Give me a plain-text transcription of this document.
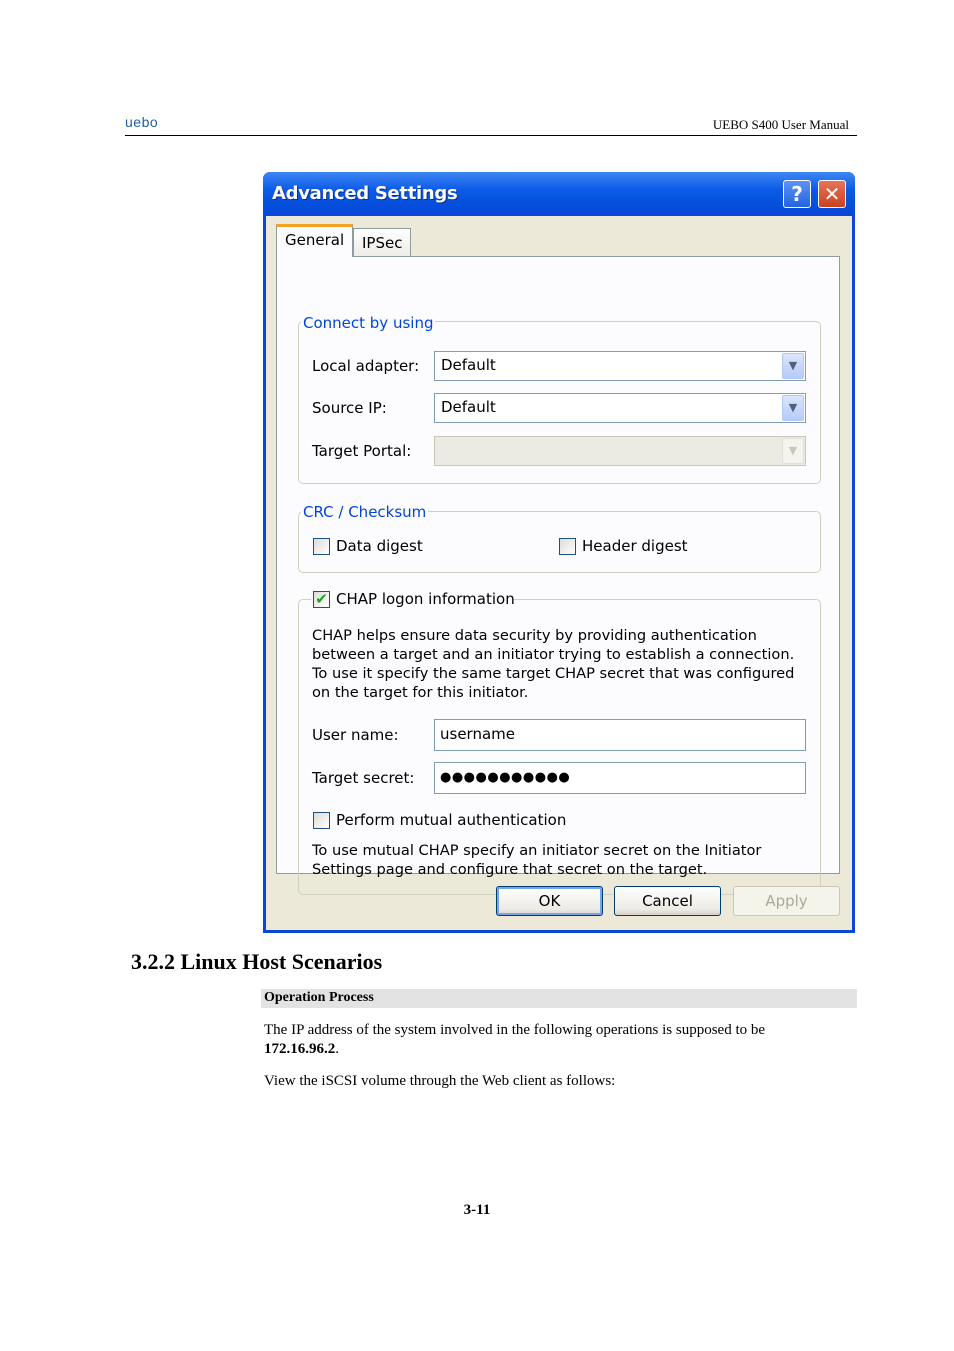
uebo	UEBO S400 User Manual
Advanced Settings	?	✕
General	IPSec
Connect by using
Local adapter: Default	▼
Source IP:	Default	▼
Target Portal:	▼
CRC / Checksum
Data digest	Header digest
✔ CHAP logon information
CHAP helps ensure data security by providing authentication between a target and an initiator trying to establish a connection. To use it specify the same target CHAP secret that was configured on the target for this initiator.
User name:	username
Target secret: ●●●●●●●●●●●
Perform mutual authentication
To use mutual CHAP specify an initiator secret on the Initiator Settings page and configure that secret on the target.
OK	Cancel	Apply
3.2.2 Linux Host Scenarios
Operation Process
The IP address of the system involved in the following operations is supposed to be
172.16.96.2.
View the iSCSI volume through the Web client as follows:
3-11
